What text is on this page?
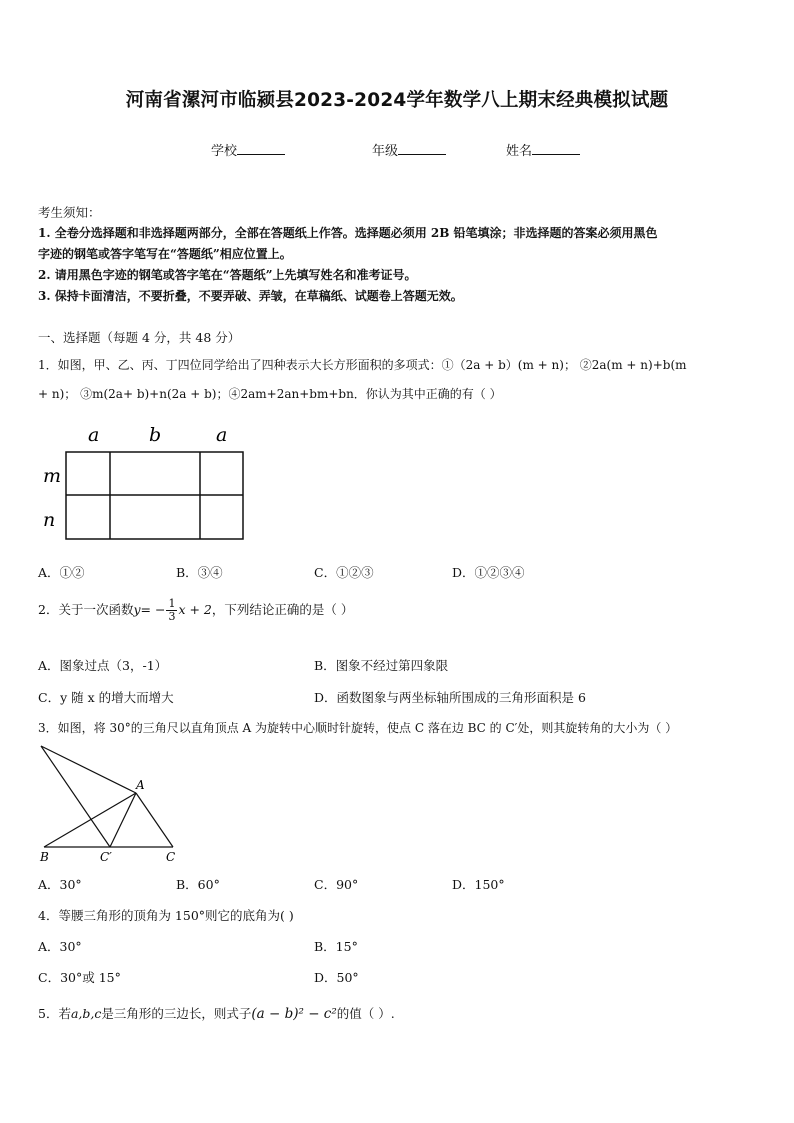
河南省漯河市临颍县2023-2024学年数学八上期末经典模拟试题
学校	年级	姓名
考生须知：
1. 全卷分选择题和非选择题两部分，全部在答题纸上作答。选择题必须用 2B 铅笔填涂；非选择题的答案必须用黑色
字迹的钢笔或答字笔写在“答题纸”相应位置上。
2. 请用黑色字迹的钢笔或答字笔在“答题纸”上先填写姓名和准考证号。
3. 保持卡面清洁，不要折叠，不要弄破、弄皱，在草稿纸、试题卷上答题无效。
一、选择题（每题 4 分，共 48 分）
1．如图，甲、乙、丙、丁四位同学给出了四种表示大长方形面积的多项式：①（2a + b）(m + n)； ②2a(m + n)+b(m
+ n)； ③m(2a+ b)+n(2a + b)；④2am+2an+bm+bn．你认为其中正确的有（ ）
a	b	a
m
n
A．①②	B．③④	C．①②③	D．①②③④
2．关于一次函数$y= - \frac{1}{3}$ x + 2，下列结论正确的是（ ）
A．图象过点（3，-1）	B．图象不经过第四象限
C．y 随 x 的增大而增大	D．函数图象与两坐标轴所围成的三角形面积是 6
3．如图，将 30°的三角尺以直角顶点 A 为旋转中心顺时针旋转，使点 C 落在边 BC 的 C′处，则其旋转角的大小为（ ）
A
B	C′	C
A．30°	B．60°	C．90°	D．150°
4．等腰三角形的顶角为 150°则它的底角为( )
A．30°	B．15°
C．30°或 15°	D．50°
5．若a,b,c是三角形的三边长，则式子(a − b)² − c²的值（ ）.
